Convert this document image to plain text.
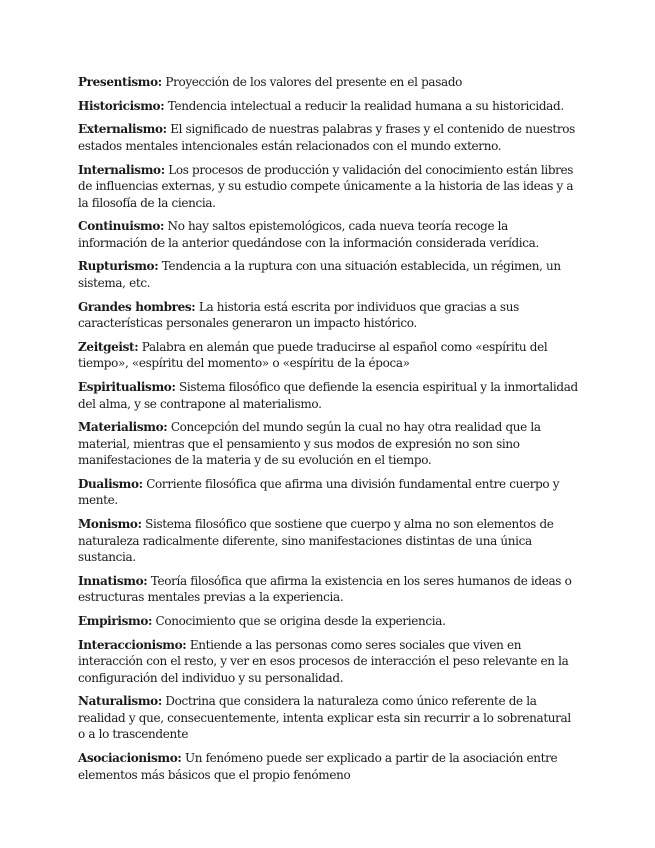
Presentismo: Proyección de los valores del presente en el pasado

Historicismo: Tendencia intelectual a reducir la realidad humana a su historicidad.

Externalismo: El significado de nuestras palabras y frases y el contenido de nuestros estados mentales intencionales están relacionados con el mundo externo.

Internalismo: Los procesos de producción y validación del conocimiento están libres de influencias externas, y su estudio compete únicamente a la historia de las ideas y a la filosofía de la ciencia.

Continuismo: No hay saltos epistemológicos, cada nueva teoría recoge la información de la anterior quedándose con la información considerada verídica.

Rupturismo: Tendencia a la ruptura con una situación establecida, un régimen, un sistema, etc.

Grandes hombres: La historia está escrita por individuos que gracias a sus características personales generaron un impacto histórico.

Zeitgeist: Palabra en alemán que puede traducirse al español como «espíritu del tiempo», «espíritu del momento» o «espíritu de la época»

Espiritualismo: Sistema filosófico que defiende la esencia espiritual y la inmortalidad del alma, y se contrapone al materialismo.

Materialismo: Concepción del mundo según la cual no hay otra realidad que la material, mientras que el pensamiento y sus modos de expresión no son sino manifestaciones de la materia y de su evolución en el tiempo.

Dualismo: Corriente filosófica que afirma una división fundamental entre cuerpo y mente.

Monismo: Sistema filosófico que sostiene que cuerpo y alma no son elementos de naturaleza radicalmente diferente, sino manifestaciones distintas de una única sustancia.

Innatismo: Teoría filosófica que afirma la existencia en los seres humanos de ideas o estructuras mentales previas a la experiencia.

Empirismo: Conocimiento que se origina desde la experiencia.

Interaccionismo: Entiende a las personas como seres sociales que viven en interacción con el resto, y ver en esos procesos de interacción el peso relevante en la configuración del individuo y su personalidad.

Naturalismo: Doctrina que considera la naturaleza como único referente de la realidad y que, consecuentemente, intenta explicar esta sin recurrir a lo sobrenatural o a lo trascendente

Asociacionismo: Un fenómeno puede ser explicado a partir de la asociación entre elementos más básicos que el propio fenómeno
